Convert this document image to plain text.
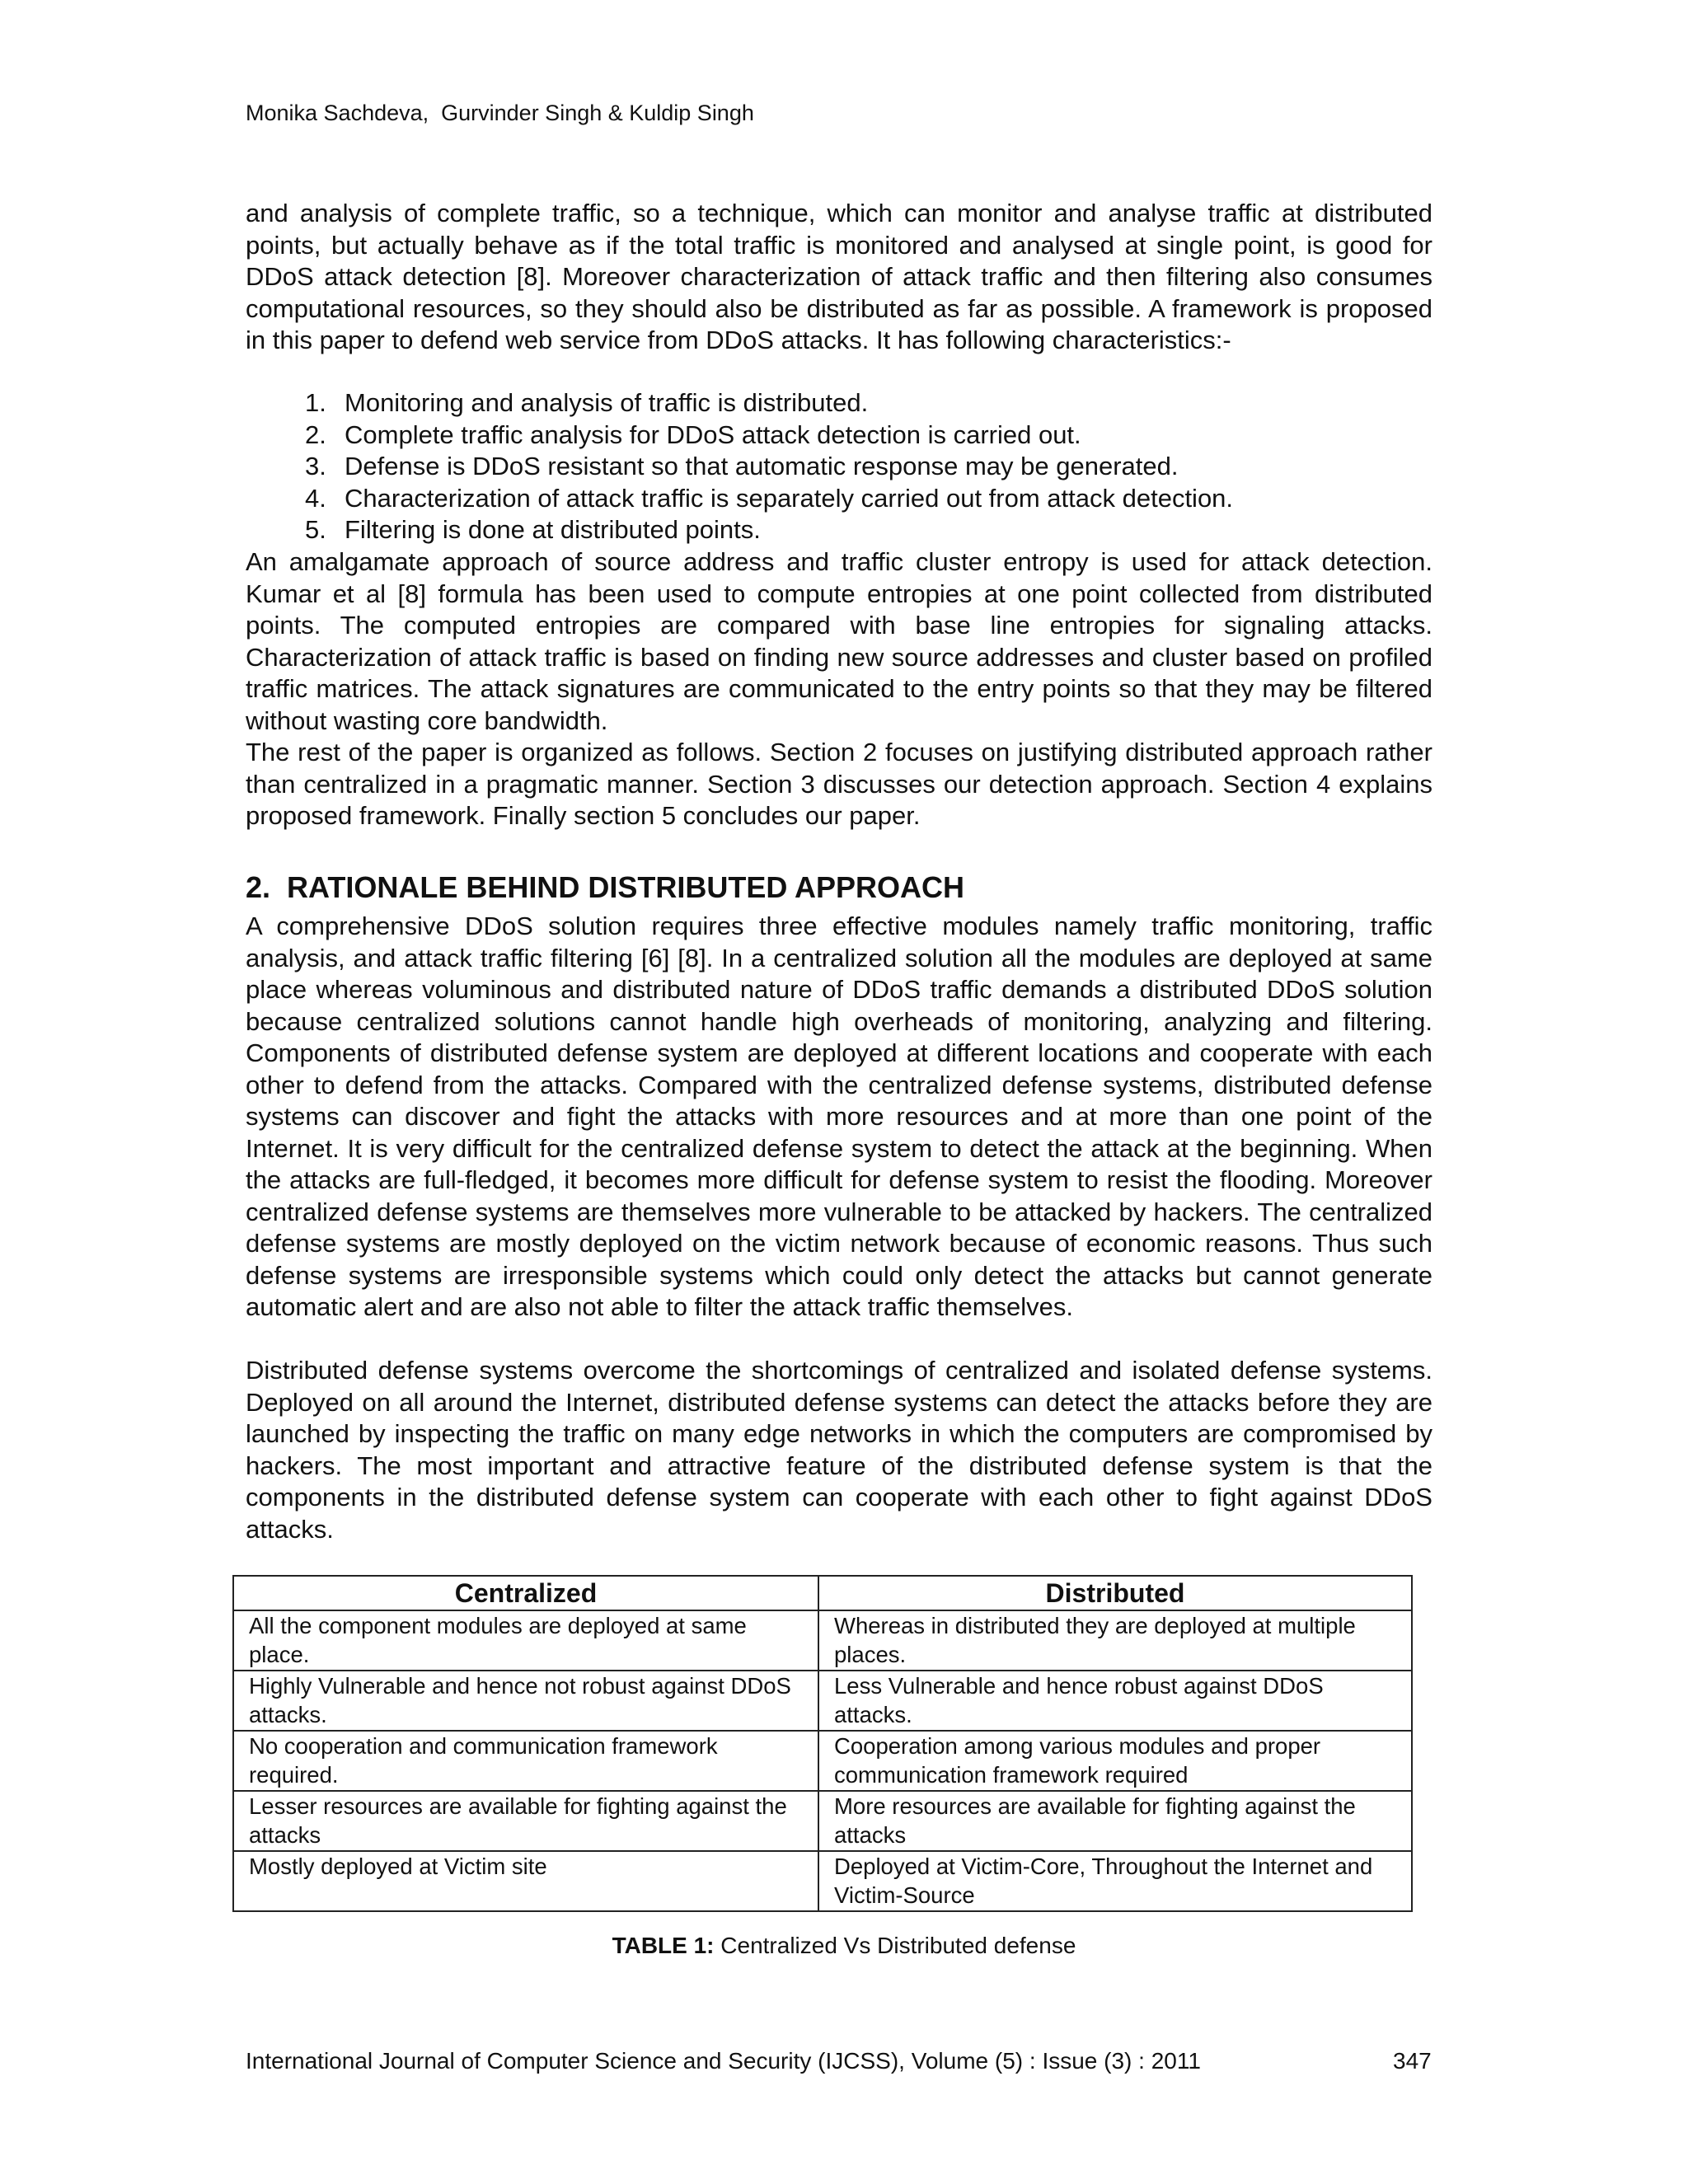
Monika Sachdeva,  Gurvinder Singh & Kuldip Singh
and analysis of complete traffic, so a technique, which can monitor and analyse traffic at distributed points, but actually behave as if the total traffic is monitored and analysed at single point, is good for DDoS attack detection [8]. Moreover characterization of attack traffic and then filtering also consumes computational resources, so they should also be distributed as far as possible. A framework is proposed in this paper to defend web service from DDoS attacks. It has following characteristics:-
1. Monitoring and analysis of traffic is distributed.
2. Complete traffic analysis for DDoS attack detection is carried out.
3. Defense is DDoS resistant so that automatic response may be generated.
4. Characterization of attack traffic is separately carried out from attack detection.
5. Filtering is done at distributed points.
An amalgamate approach of source address and traffic cluster entropy is used for attack detection. Kumar et al [8] formula has been used to compute entropies at one point collected from distributed points. The computed entropies are compared with base line entropies for signaling attacks. Characterization of attack traffic is based on finding new source addresses and cluster based on profiled traffic matrices. The attack signatures are communicated to the entry points so that they may be filtered without wasting core bandwidth.
The rest of the paper is organized as follows. Section 2 focuses on justifying distributed approach rather than centralized in a pragmatic manner. Section 3 discusses our detection approach. Section 4 explains proposed framework. Finally section 5 concludes our paper.
2.  RATIONALE BEHIND DISTRIBUTED APPROACH
A comprehensive DDoS solution requires three effective modules namely traffic monitoring, traffic analysis, and attack traffic filtering [6] [8]. In a centralized solution all the modules are deployed at same place whereas voluminous and distributed nature of DDoS traffic demands a distributed DDoS solution because centralized solutions cannot handle high overheads of monitoring, analyzing and filtering. Components of distributed defense system are deployed at different locations and cooperate with each other to defend from the attacks. Compared with the centralized defense systems, distributed defense systems can discover and fight the attacks with more resources and at more than one point of the Internet. It is very difficult for the centralized defense system to detect the attack at the beginning. When the attacks are full-fledged, it becomes more difficult for defense system to resist the flooding. Moreover centralized defense systems are themselves more vulnerable to be attacked by hackers. The centralized defense systems are mostly deployed on the victim network because of economic reasons. Thus such defense systems are irresponsible systems which could only detect the attacks but cannot generate automatic alert and are also not able to filter the attack traffic themselves.
Distributed defense systems overcome the shortcomings of centralized and isolated defense systems. Deployed on all around the Internet, distributed defense systems can detect the attacks before they are launched by inspecting the traffic on many edge networks in which the computers are compromised by hackers. The most important and attractive feature of the distributed defense system is that the components in the distributed defense system can cooperate with each other to fight against DDoS attacks.
Centralized	Distributed
All the component modules are deployed at same place.	Whereas in distributed they are deployed at multiple places.
Highly Vulnerable and hence not robust against DDoS attacks.	Less Vulnerable and hence robust against DDoS attacks.
No cooperation and communication framework required.	Cooperation among various modules and proper communication framework required
Lesser resources are available for fighting against the attacks	More resources are available for fighting against the attacks
Mostly deployed at Victim site	Deployed at Victim-Core, Throughout the Internet and Victim-Source
TABLE 1: Centralized Vs Distributed defense
International Journal of Computer Science and Security (IJCSS), Volume (5) : Issue (3) : 2011	347
